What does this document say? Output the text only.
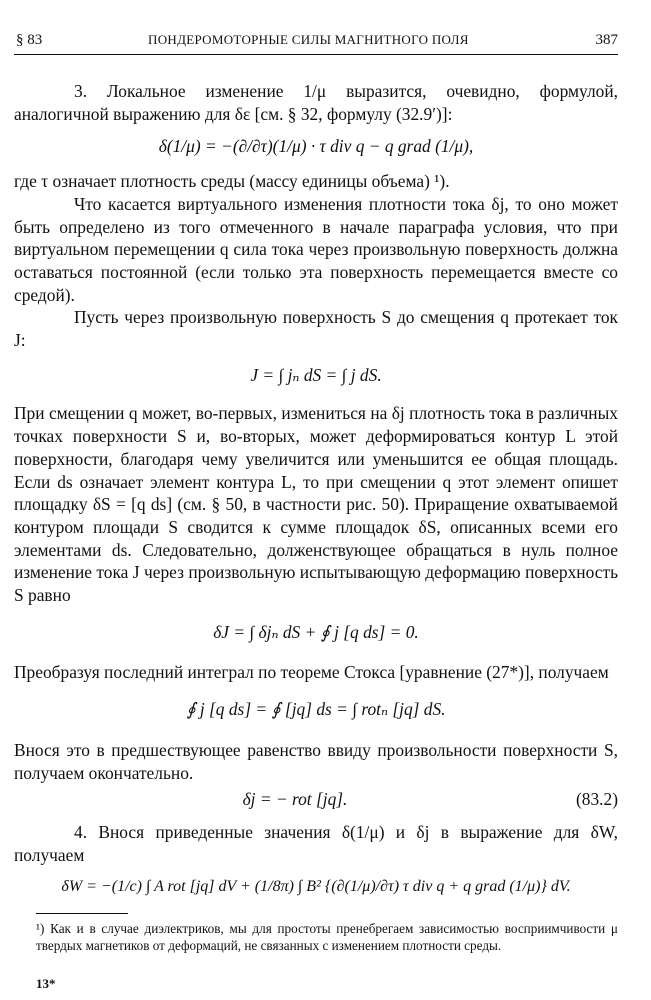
§ 83	ПОНДЕРОМОТОРНЫЕ СИЛЫ МАГНИТНОГО ПОЛЯ	387

3. Локальное изменение 1/μ выразится, очевидно, формулой, аналогичной выражению для δε [см. § 32, формулу (32.9′)]:

δ(1/μ) = −(∂/∂τ)(1/μ) · τ div q − q grad (1/μ),

где τ означает плотность среды (массу единицы объема) ¹).

Что касается виртуального изменения плотности тока δj, то оно может быть определено из того отмеченного в начале параграфа условия, что при виртуальном перемещении q сила тока через произвольную поверхность должна оставаться постоянной (если только эта поверхность перемещается вместе со средой).

Пусть через произвольную поверхность S до смещения q протекает ток J:

J = ∫ jₙ dS = ∫ j dS.

При смещении q может, во-первых, измениться на δj плотность тока в различных точках поверхности S и, во-вторых, может деформироваться контур L этой поверхности, благодаря чему увеличится или уменьшится ее общая площадь. Если ds означает элемент контура L, то при смещении q этот элемент опишет площадку δS = [q ds] (см. § 50, в частности рис. 50). Приращение охватываемой контуром площади S сводится к сумме площадок δS, описанных всеми его элементами ds. Следовательно, долженствующее обращаться в нуль полное изменение тока J через произвольную испытывающую деформацию поверхность S равно

δJ = ∫ δjₙ dS + ∮ j [q ds] = 0.

Преобразуя последний интеграл по теореме Стокса [уравнение (27*)], получаем

∮ j [q ds] = ∮ [jq] ds = ∫ rotₙ [jq] dS.

Внося это в предшествующее равенство ввиду произвольности поверхности S, получаем окончательно.

δj = − rot [jq].	(83.2)

4. Внося приведенные значения δ(1/μ) и δj в выражение для δW, получаем

δW = −(1/c) ∫ A rot [jq] dV + (1/8π) ∫ B² {(∂(1/μ)/∂τ) τ div q + q grad (1/μ)} dV.
¹) Как и в случае диэлектриков, мы для простоты пренебрегаем зависимостью восприимчивости μ твердых магнетиков от деформаций, не связанных с изменением плотности среды.
13*
